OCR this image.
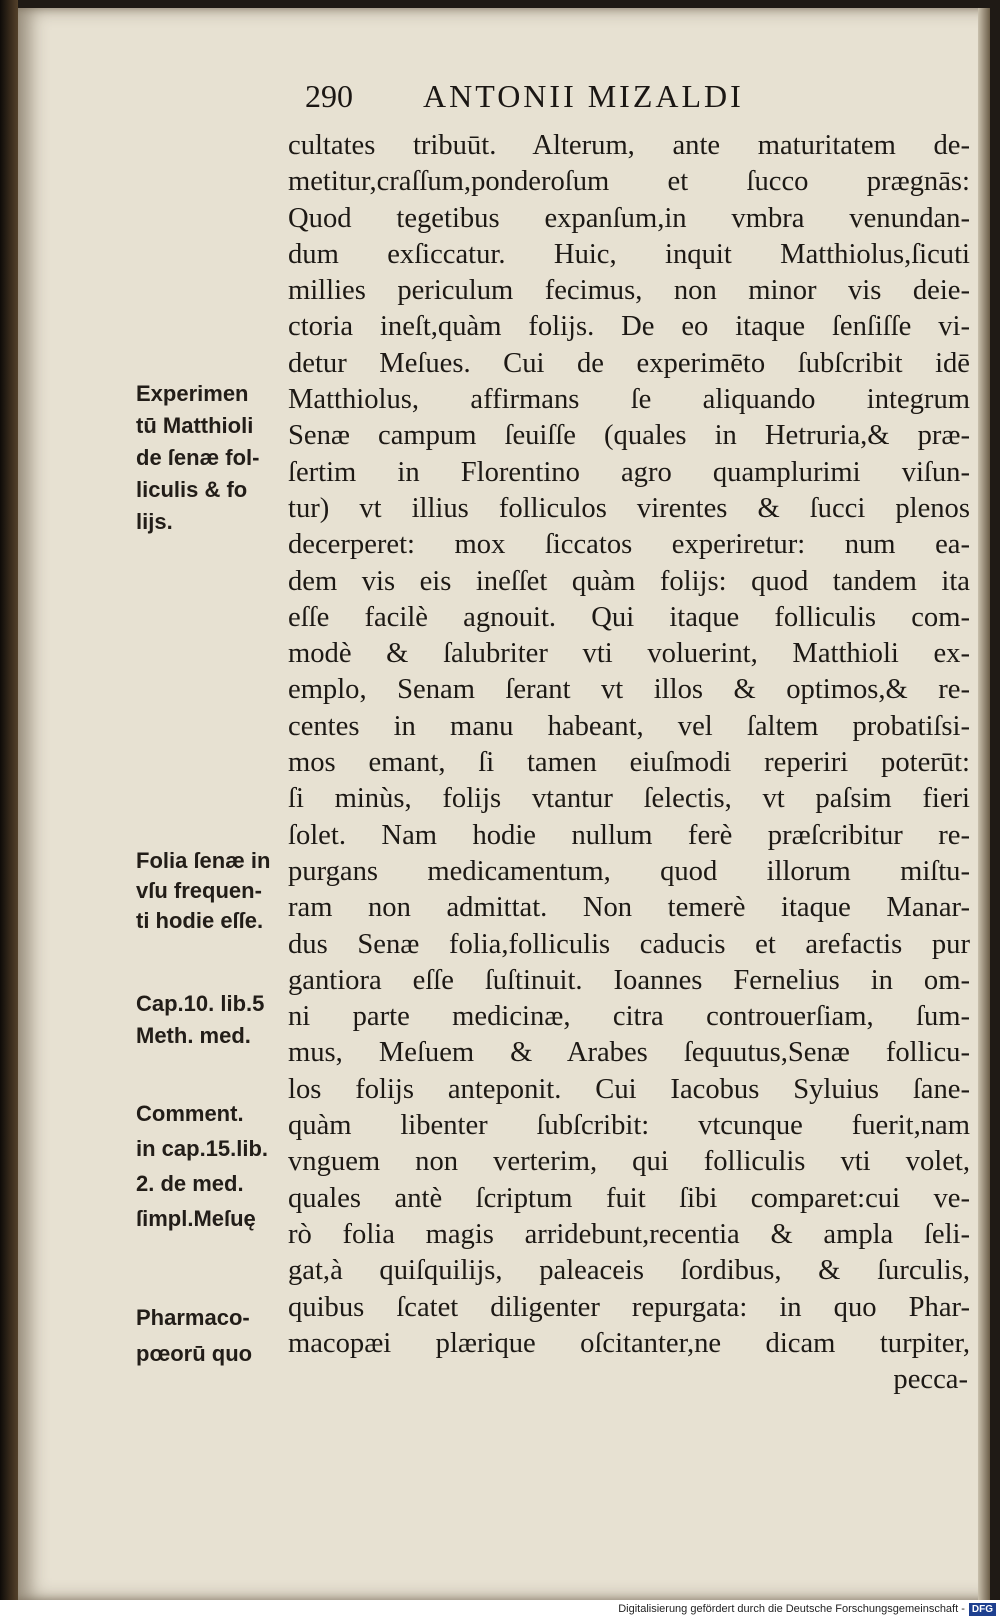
290 ANTONII MIZALDI
cultates tribuūt. Alterum, ante maturitatem de-
metitur,craſſum,ponderoſum et ſucco prægnās:
Quod tegetibus expanſum,in vmbra venundan-
dum exſiccatur. Huic, inquit Matthiolus,ſicuti
millies periculum fecimus, non minor vis deie-
ctoria ineſt,quàm folijs. De eo itaque ſenſiſſe vi-
detur Meſues. Cui de experimēto ſubſcribit idē
Matthiolus, affirmans ſe aliquando integrum
Senæ campum ſeuiſſe (quales in Hetruria,& præ-
ſertim in Florentino agro quamplurimi viſun-
tur) vt illius folliculos virentes & ſucci plenos
decerperet: mox ſiccatos experiretur: num ea-
dem vis eis ineſſet quàm folijs: quod tandem ita
eſſe facilè agnouit. Qui itaque folliculis com-
modè & ſalubriter vti voluerint, Matthioli ex-
emplo, Senam ſerant vt illos & optimos,& re-
centes in manu habeant, vel ſaltem probatiſsi-
mos emant, ſi tamen eiuſmodi reperiri poterūt:
ſi minùs, folijs vtantur ſelectis, vt paſsim fieri
ſolet. Nam hodie nullum ferè præſcribitur re-
purgans medicamentum, quod illorum miſtu-
ram non admittat. Non temerè itaque Manar-
dus Senæ folia,folliculis caducis et arefactis pur
gantiora eſſe ſuſtinuit. Ioannes Fernelius in om-
ni parte medicinæ, citra controuerſiam, ſum-
mus, Meſuem & Arabes ſequutus,Senæ follicu-
los folijs anteponit. Cui Iacobus Syluius ſane-
quàm libenter ſubſcribit: vtcunque fuerit,nam
vnguem non verterim, qui folliculis vti volet,
quales antè ſcriptum fuit ſibi comparet:cui ve-
rò folia magis arridebunt,recentia & ampla ſeli-
gat,à quiſquilijs, paleaceis ſordibus, & ſurculis,
quibus ſcatet diligenter repurgata: in quo Phar-
macopæi plærique oſcitanter,ne dicam turpiter,
pecca-
Experimen
tū Matthioli
de ſenæ fol-
liculis & fo
lijs.
Folia ſenæ in
vſu frequen-
ti hodie eſſe.
Cap.10. lib.5
Meth. med.
Comment.
in cap.15.lib.
2. de med.
ſimpl.Meſuę
Pharmaco-
pœorū quo
Digitalisierung gefördert durch die Deutsche Forschungsgemeinschaft - DFG
